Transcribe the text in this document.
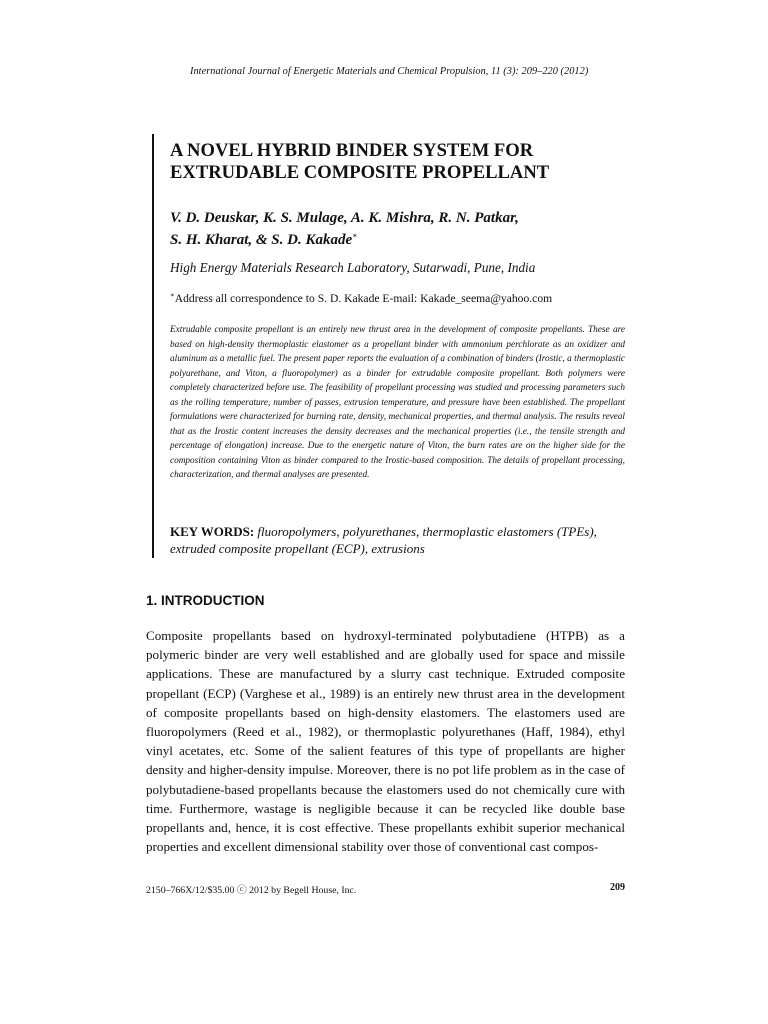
International Journal of Energetic Materials and Chemical Propulsion, 11 (3): 209–220 (2012)
A NOVEL HYBRID BINDER SYSTEM FOR
EXTRUDABLE COMPOSITE PROPELLANT
V. D. Deuskar, K. S. Mulage, A. K. Mishra, R. N. Patkar,
S. H. Kharat, & S. D. Kakade∗
High Energy Materials Research Laboratory, Sutarwadi, Pune, India
∗Address all correspondence to S. D. Kakade E-mail: Kakade_seema@yahoo.com

Extrudable composite propellant is an entirely new thrust area in the development of composite propellants. These are based on high-density thermoplastic elastomer as a propellant binder with ammonium perchlorate as an oxidizer and aluminum as a metallic fuel. The present paper reports the evaluation of a combination of binders (Irostic, a thermoplastic polyurethane, and Viton, a fluoropolymer) as a binder for extrudable composite propellant. Both polymers were completely characterized before use. The feasibility of propellant processing was studied and processing parameters such as the rolling temperature, number of passes, extrusion temperature, and pressure have been established. The propellant formulations were characterized for burning rate, density, mechanical properties, and thermal analysis. The results reveal that as the Irostic content increases the density decreases and the mechanical properties (i.e., the tensile strength and percentage of elongation) increase. Due to the energetic nature of Viton, the burn rates are on the higher side for the composition containing Viton as binder compared to the Irostic-based composition. The details of propellant processing, characterization, and thermal analyses are presented.

KEY WORDS: fluoropolymers, polyurethanes, thermoplastic elastomers (TPEs), extruded composite propellant (ECP), extrusions
1. INTRODUCTION

Composite propellants based on hydroxyl-terminated polybutadiene (HTPB) as a polymeric binder are very well established and are globally used for space and missile applications. These are manufactured by a slurry cast technique. Extruded composite propellant (ECP) (Varghese et al., 1989) is an entirely new thrust area in the development of composite propellants based on high-density elastomers. The elastomers used are fluoropolymers (Reed et al., 1982), or thermoplastic polyurethanes (Haff, 1984), ethyl vinyl acetates, etc. Some of the salient features of this type of propellants are higher density and higher-density impulse. Moreover, there is no pot life problem as in the case of polybutadiene-based propellants because the elastomers used do not chemically cure with time. Furthermore, wastage is negligible because it can be recycled like double base propellants and, hence, it is cost effective. These propellants exhibit superior mechanical properties and excellent dimensional stability over those of conventional cast compos-

2150–766X/12/$35.00 ⓒ 2012 by Begell House, Inc.	209
